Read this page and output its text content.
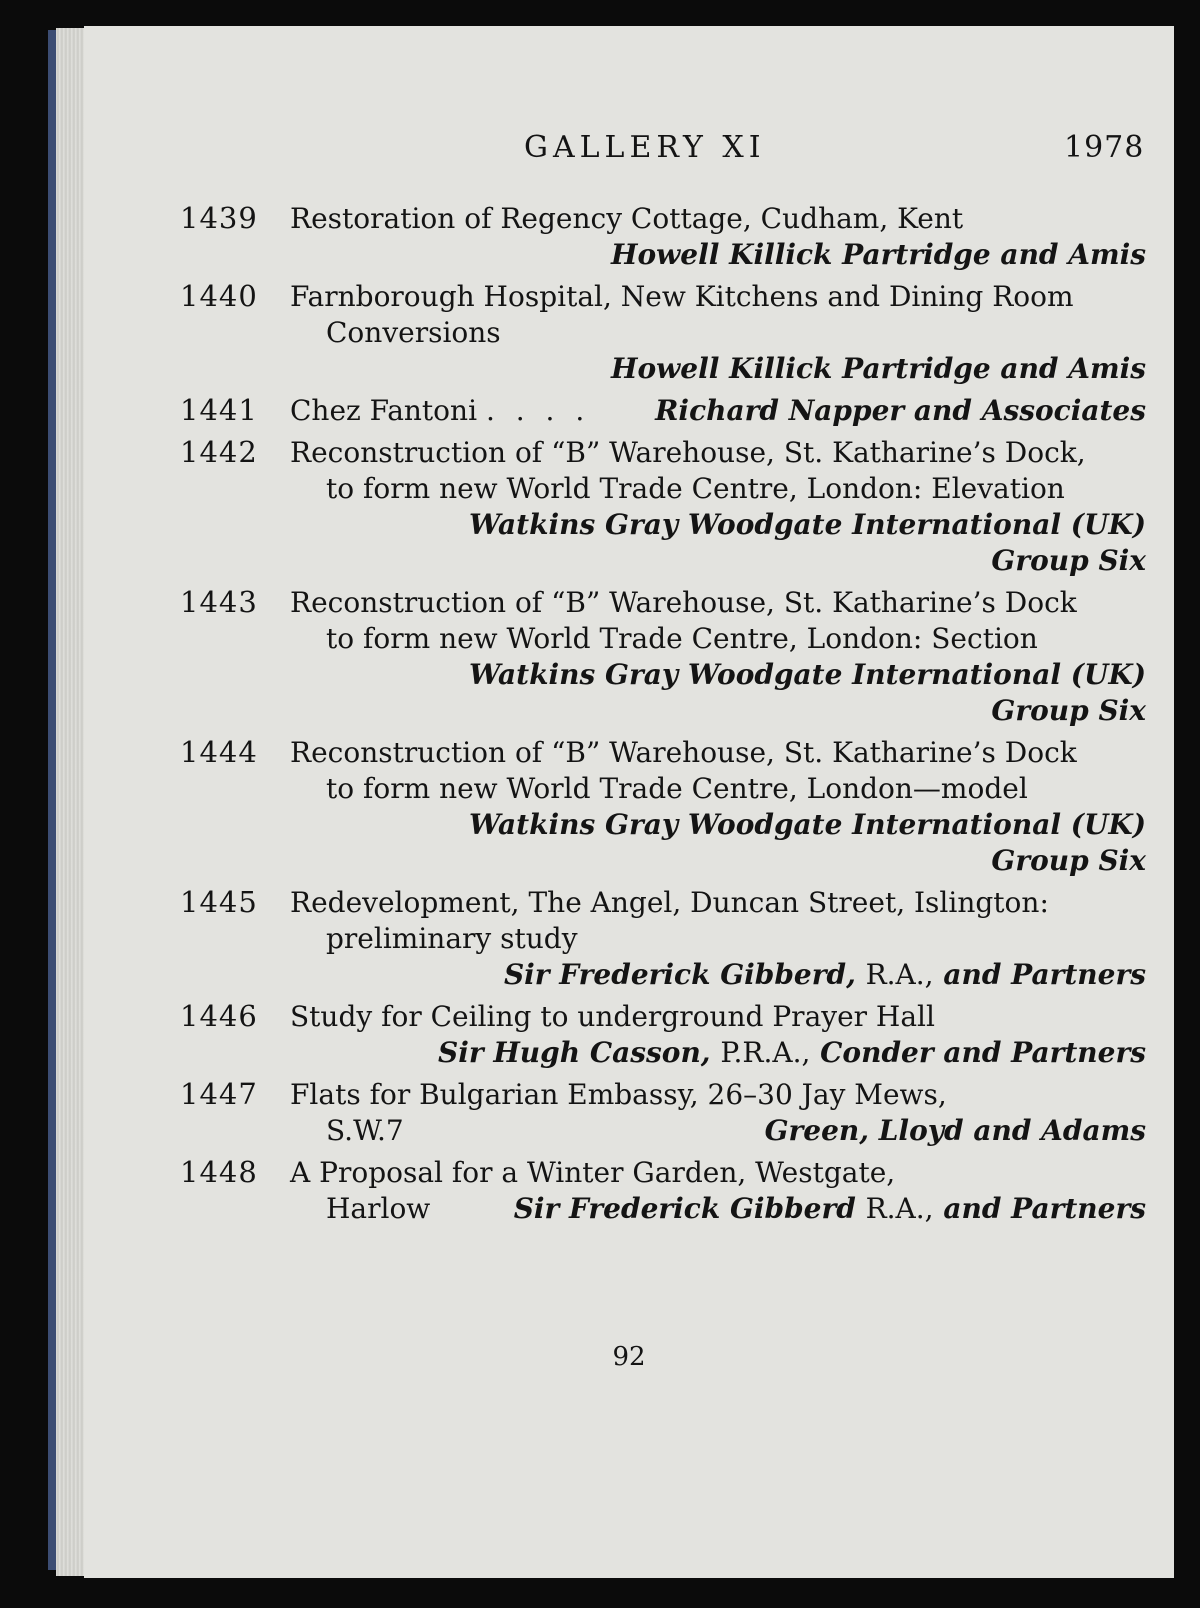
GALLERY XI	1978
1439 Restoration of Regency Cottage, Cudham, Kent
Howell Killick Partridge and Amis
1440 Farnborough Hospital, New Kitchens and Dining Room Conversions
Howell Killick Partridge and Amis
1441 Chez Fantoni . . . . Richard Napper and Associates
1442 Reconstruction of “B” Warehouse, St. Katharine’s Dock, to form new World Trade Centre, London: Elevation
Watkins Gray Woodgate International (UK)
Group Six
1443 Reconstruction of “B” Warehouse, St. Katharine’s Dock to form new World Trade Centre, London: Section
Watkins Gray Woodgate International (UK)
Group Six
1444 Reconstruction of “B” Warehouse, St. Katharine’s Dock to form new World Trade Centre, London—model
Watkins Gray Woodgate International (UK)
Group Six
1445 Redevelopment, The Angel, Duncan Street, Islington: preliminary study
Sir Frederick Gibberd, R.A., and Partners
1446 Study for Ceiling to underground Prayer Hall
Sir Hugh Casson, P.R.A., Conder and Partners
1447 Flats for Bulgarian Embassy, 26–30 Jay Mews,
S.W.7	Green, Lloyd and Adams
1448 A Proposal for a Winter Garden, Westgate,
Harlow	Sir Frederick Gibberd R.A., and Partners
92
